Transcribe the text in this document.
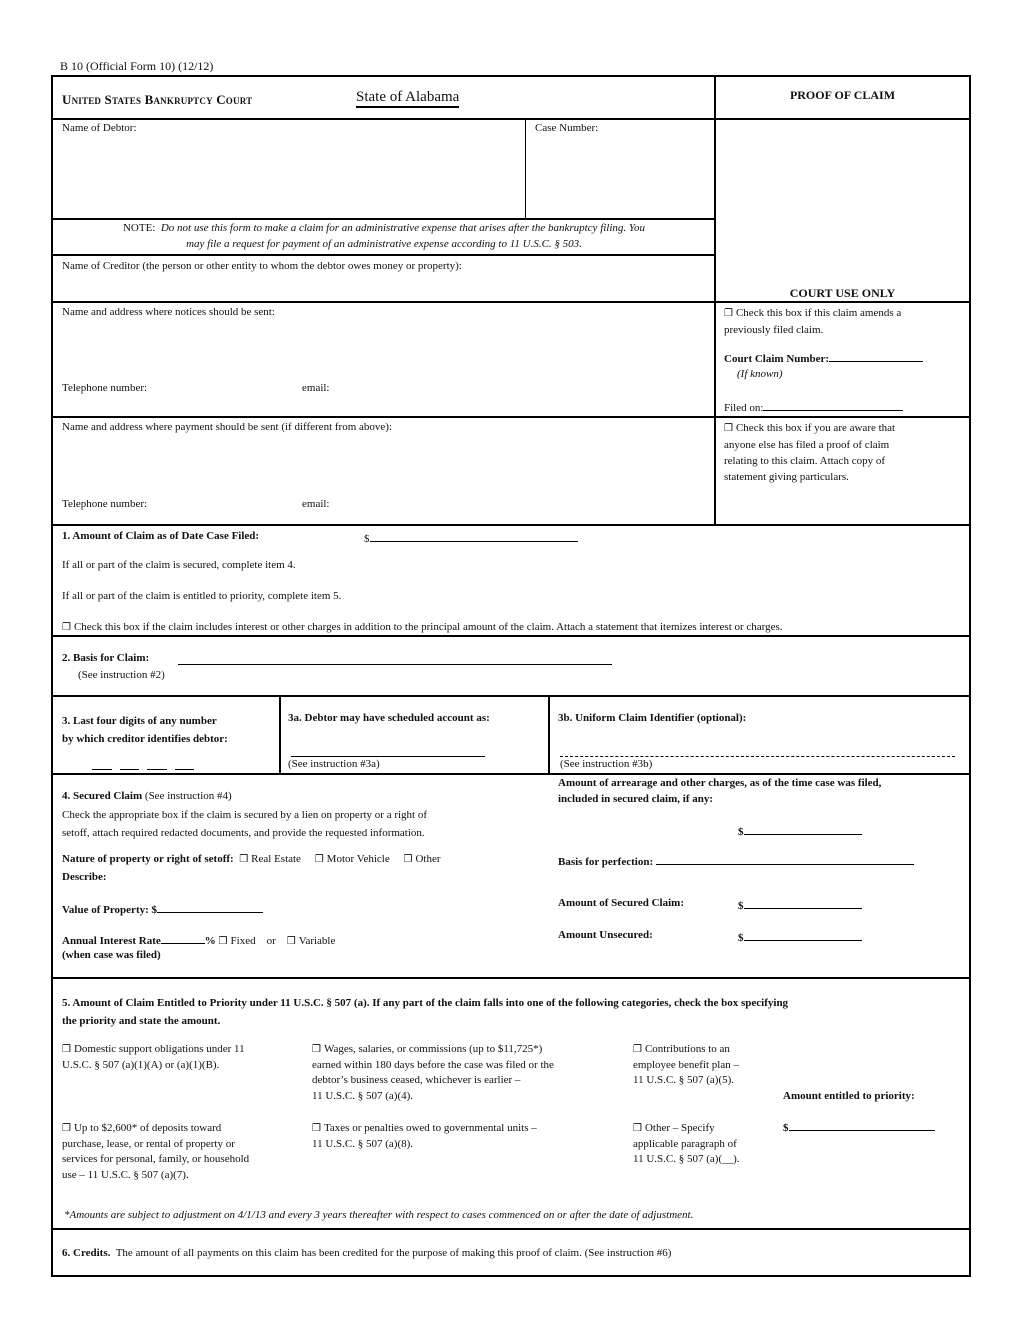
B 10 (Official Form 10) (12/12)
United States Bankruptcy Court	State of Alabama	PROOF OF CLAIM
COURT USE ONLY
Name of Debtor:	Case Number:
NOTE: Do not use this form to make a claim for an administrative expense that arises after the bankruptcy filing. You
may file a request for payment of an administrative expense according to 11 U.S.C. § 503.
Name of Creditor (the person or other entity to whom the debtor owes money or property):
Name and address where notices should be sent:
Telephone number:	email:
Name and address where payment should be sent (if different from above):
Telephone number:	email:
❒ Check this box if this claim amends a
previously filed claim.
Court Claim Number:
(If known)
Filed on:
❒ Check this box if you are aware that
anyone else has filed a proof of claim
relating to this claim. Attach copy of
statement giving particulars.
1. Amount of Claim as of Date Case Filed:	$
If all or part of the claim is secured, complete item 4.
If all or part of the claim is entitled to priority, complete item 5.
❒ Check this box if the claim includes interest or other charges in addition to the principal amount of the claim. Attach a statement that itemizes interest or charges.
2. Basis for Claim:
(See instruction #2)
3. Last four digits of any number
by which creditor identifies debtor:
3a. Debtor may have scheduled account as:
(See instruction #3a)
3b. Uniform Claim Identifier (optional):
(See instruction #3b)
4. Secured Claim (See instruction #4)
Check the appropriate box if the claim is secured by a lien on property or a right of
setoff, attach required redacted documents, and provide the requested information.
Nature of property or right of setoff: ❒ Real Estate ❒ Motor Vehicle ❒ Other
Describe:
Value of Property: $
Annual Interest Rate	% ❒ Fixed or ❒ Variable
(when case was filed)
Amount of arrearage and other charges, as of the time case was filed,
included in secured claim, if any:
$
Basis for perfection:
Amount of Secured Claim:	$
Amount Unsecured:	$
5. Amount of Claim Entitled to Priority under 11 U.S.C. § 507 (a). If any part of the claim falls into one of the following categories, check the box specifying
the priority and state the amount.
❒ Domestic support obligations under 11
U.S.C. § 507 (a)(1)(A) or (a)(1)(B).
❒ Wages, salaries, or commissions (up to $11,725*)
earned within 180 days before the case was filed or the
debtor’s business ceased, whichever is earlier –
11 U.S.C. § 507 (a)(4).
❒ Contributions to an
employee benefit plan –
11 U.S.C. § 507 (a)(5).
❒ Up to $2,600* of deposits toward
purchase, lease, or rental of property or
services for personal, family, or household
use – 11 U.S.C. § 507 (a)(7).
❒ Taxes or penalties owed to governmental units –
11 U.S.C. § 507 (a)(8).
❒ Other – Specify
applicable paragraph of
11 U.S.C. § 507 (a)(__).
Amount entitled to priority:
$
*Amounts are subject to adjustment on 4/1/13 and every 3 years thereafter with respect to cases commenced on or after the date of adjustment.
6. Credits. The amount of all payments on this claim has been credited for the purpose of making this proof of claim. (See instruction #6)
